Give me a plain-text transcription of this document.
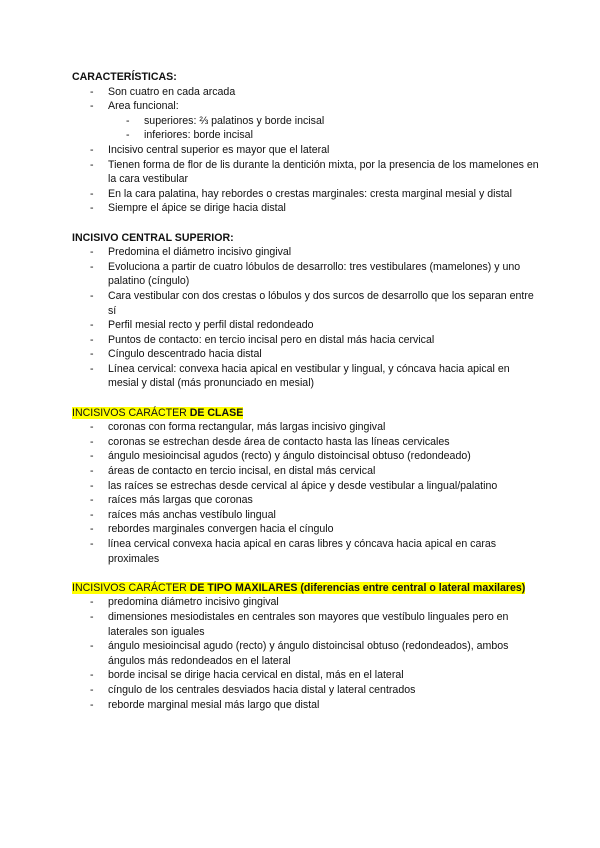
CARACTERÍSTICAS:

- Son cuatro en cada arcada
- Area funcional:
- superiores: ⅔ palatinos y borde incisal
- inferiores: borde incisal
- Incisivo central superior es mayor que el lateral
- Tienen forma de flor de lis durante la dentición mixta, por la presencia de los mamelones en la cara vestibular
- En la cara palatina, hay rebordes o crestas marginales: cresta marginal mesial y distal
- Siempre el ápice se dirige hacia distal

INCISIVO CENTRAL SUPERIOR:

- Predomina el diámetro incisivo gingival
- Evoluciona a partir de cuatro lóbulos de desarrollo: tres vestibulares (mamelones) y uno palatino (cíngulo)
- Cara vestibular con dos crestas o lóbulos y dos surcos de desarrollo que los separan entre sí
- Perfil mesial recto y perfil distal redondeado
- Puntos de contacto: en tercio incisal pero en distal más hacia cervical
- Cíngulo descentrado hacia distal
- Línea cervical: convexa hacia apical en vestibular y lingual, y cóncava hacia apical en mesial y distal (más pronunciado en mesial)

INCISIVOS CARÁCTER DE CLASE

- coronas con forma rectangular, más largas incisivo gingival
- coronas se estrechan desde área de contacto hasta las líneas cervicales
- ángulo mesioincisal agudos (recto) y ángulo distoincisal obtuso (redondeado)
- áreas de contacto en tercio incisal, en distal más cervical
- las raíces se estrechas desde cervical al ápice y desde vestibular a lingual/palatino
- raíces más largas que coronas
- raíces más anchas vestíbulo lingual
- rebordes marginales convergen hacia el cíngulo
- línea cervical convexa hacia apical en caras libres y cóncava hacia apical en caras proximales

INCISIVOS CARÁCTER DE TIPO MAXILARES (diferencias entre central o lateral maxilares)

- predomina diámetro incisivo gingival
- dimensiones mesiodistales en centrales son mayores que vestíbulo linguales pero en laterales son iguales
- ángulo mesioincisal agudo (recto) y ángulo distoincisal obtuso (redondeados), ambos ángulos más redondeados en el lateral
- borde incisal se dirige hacia cervical en distal, más en el lateral
- cíngulo de los centrales desviados hacia distal y lateral centrados
- reborde marginal mesial más largo que distal
